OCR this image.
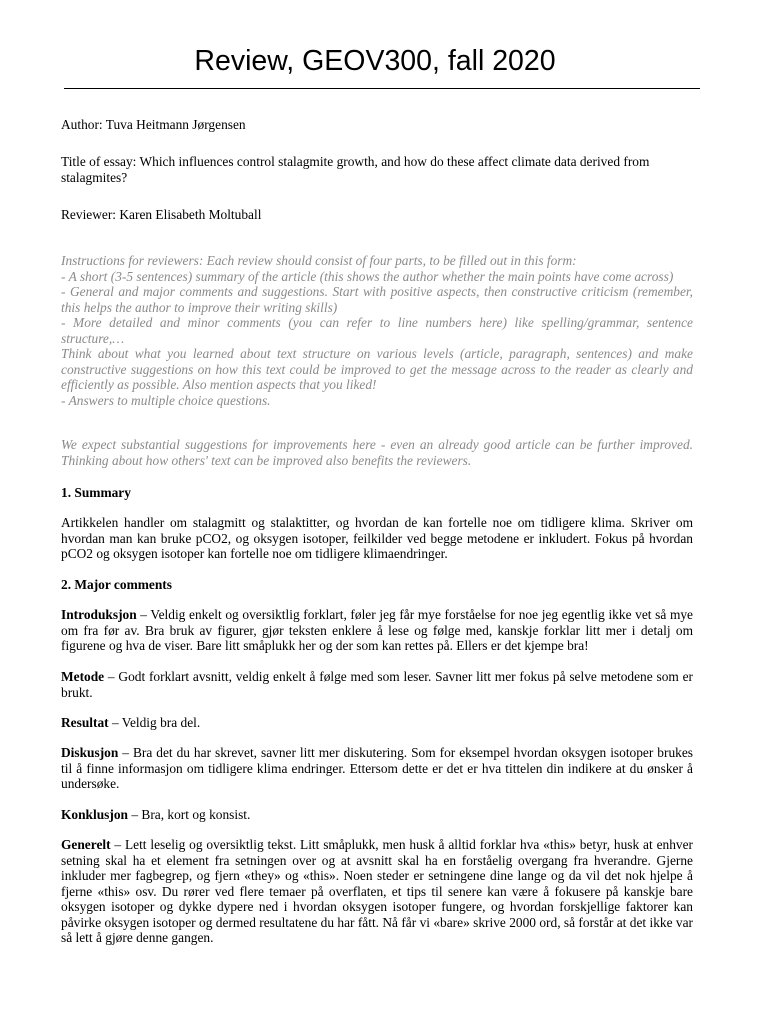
Review, GEOV300, fall 2020

Author: Tuva Heitmann Jørgensen

Title of essay: Which influences control stalagmite growth, and how do these affect climate data derived from stalagmites?

Reviewer: Karen Elisabeth Moltuball

Instructions for reviewers: Each review should consist of four parts, to be filled out in this form:

- A short (3-5 sentences) summary of the article (this shows the author whether the main points have come across)

- General and major comments and suggestions. Start with positive aspects, then constructive criticism (remember, this helps the author to improve their writing skills)

- More detailed and minor comments (you can refer to line numbers here) like spelling/grammar, sentence structure,…

Think about what you learned about text structure on various levels (article, paragraph, sentences) and make constructive suggestions on how this text could be improved to get the message across to the reader as clearly and efficiently as possible. Also mention aspects that you liked!

- Answers to multiple choice questions.

We expect substantial suggestions for improvements here - even an already good article can be further improved. Thinking about how others' text can be improved also benefits the reviewers.

1. Summary

Artikkelen handler om stalagmitt og stalaktitter, og hvordan de kan fortelle noe om tidligere klima. Skriver om hvordan man kan bruke pCO2, og oksygen isotoper, feilkilder ved begge metodene er inkludert. Fokus på hvordan pCO2 og oksygen isotoper kan fortelle noe om tidligere klimaendringer.

2. Major comments

Introduksjon – Veldig enkelt og oversiktlig forklart, føler jeg får mye forståelse for noe jeg egentlig ikke vet så mye om fra før av. Bra bruk av figurer, gjør teksten enklere å lese og følge med, kanskje forklar litt mer i detalj om figurene og hva de viser. Bare litt småplukk her og der som kan rettes på. Ellers er det kjempe bra!

Metode – Godt forklart avsnitt, veldig enkelt å følge med som leser. Savner litt mer fokus på selve metodene som er brukt.

Resultat – Veldig bra del.

Diskusjon – Bra det du har skrevet, savner litt mer diskutering. Som for eksempel hvordan oksygen isotoper brukes til å finne informasjon om tidligere klima endringer. Ettersom dette er det er hva tittelen din indikere at du ønsker å undersøke.

Konklusjon – Bra, kort og konsist.

Generelt – Lett leselig og oversiktlig tekst. Litt småplukk, men husk å alltid forklar hva «this» betyr, husk at enhver setning skal ha et element fra setningen over og at avsnitt skal ha en forståelig overgang fra hverandre. Gjerne inkluder mer fagbegrep, og fjern «they» og «this». Noen steder er setningene dine lange og da vil det nok hjelpe å fjerne «this» osv. Du rører ved flere temaer på overflaten, et tips til senere kan være å fokusere på kanskje bare oksygen isotoper og dykke dypere ned i hvordan oksygen isotoper fungere, og hvordan forskjellige faktorer kan påvirke oksygen isotoper og dermed resultatene du har fått. Nå får vi «bare» skrive 2000 ord, så forstår at det ikke var så lett å gjøre denne gangen.
